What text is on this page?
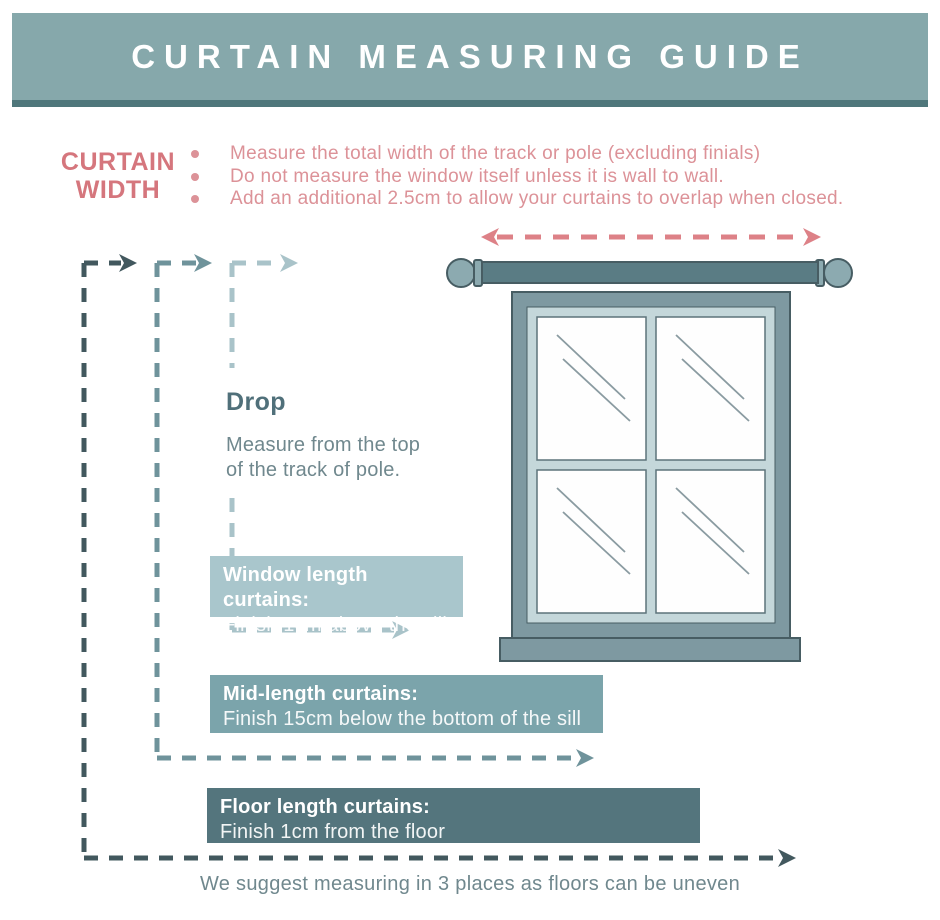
CURTAIN MEASURING GUIDE
CURTAIN
WIDTH
Measure the total width of the track or pole (excluding finials)
Do not measure the window itself unless it is wall to wall.
Add an additional 2.5cm to allow your curtains to overlap when closed.
Drop

Measure from the top of the track of pole.

Window length curtains:
Finish 1cm above the sill
Mid-length curtains:
Finish 15cm below the bottom of the sill
Floor length curtains:
Finish 1cm from the floor
We suggest measuring in 3 places as floors can be uneven
